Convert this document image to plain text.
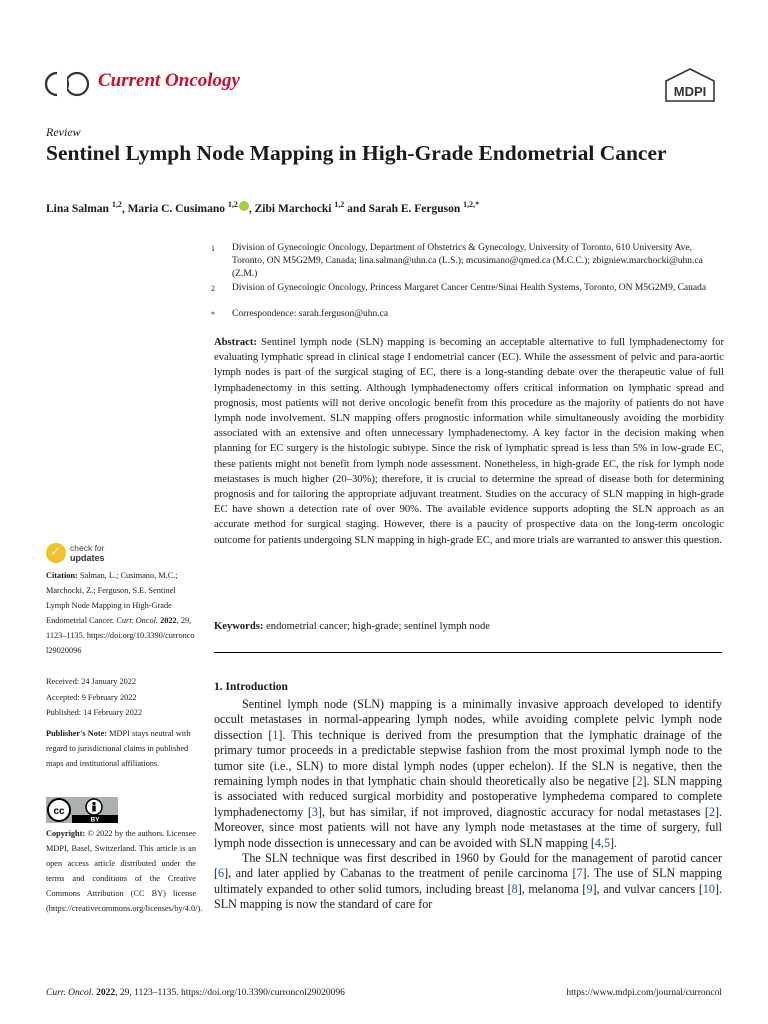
Current Oncology
MDPI
Review
Sentinel Lymph Node Mapping in High-Grade Endometrial Cancer
Lina Salman $^{1,2}$, Maria C. Cusimano $^{1,2}$ , Zibi Marchocki $^{1,2}$ and Sarah E. Ferguson $^{1,2,*}$
1 Division of Gynecologic Oncology, Department of Obstetrics & Gynecology, University of Toronto, 610 University Ave, Toronto, ON M5G2M9, Canada; lina.salman@uhn.ca (L.S.); mcusimano@qmed.ca (M.C.C.); zbigniew.marchocki@uhn.ca (Z.M.)
2 Division of Gynecologic Oncology, Princess Margaret Cancer Centre/Sinai Health Systems, Toronto, ON M5G2M9, Canada
* Correspondence: sarah.ferguson@uhn.ca
Abstract: Sentinel lymph node (SLN) mapping is becoming an acceptable alternative to full lymphadenectomy for evaluating lymphatic spread in clinical stage I endometrial cancer (EC). While the assessment of pelvic and para-aortic lymph nodes is part of the surgical staging of EC, there is a long-standing debate over the therapeutic value of full lymphadenectomy in this setting. Although lymphadenectomy offers critical information on lymphatic spread and prognosis, most patients will not derive oncologic benefit from this procedure as the majority of patients do not have lymph node involvement. SLN mapping offers prognostic information while simultaneously avoiding the morbidity associated with an extensive and often unnecessary lymphadenectomy. A key factor in the decision making when planning for EC surgery is the histologic subtype. Since the risk of lymphatic spread is less than 5% in low-grade EC, these patients might not benefit from lymph node assessment. Nonetheless, in high-grade EC, the risk for lymph node metastases is much higher (20–30%); therefore, it is crucial to determine the spread of disease both for determining prognosis and for tailoring the appropriate adjuvant treatment. Studies on the accuracy of SLN mapping in high-grade EC have shown a detection rate of over 90%. The available evidence supports adopting the SLN approach as an accurate method for surgical staging. However, there is a paucity of prospective data on the long-term oncologic outcome for patients undergoing SLN mapping in high-grade EC, and more trials are warranted to answer this question.
Keywords: endometrial cancer; high-grade; sentinel lymph node
1. Introduction

Sentinel lymph node (SLN) mapping is a minimally invasive approach developed to identify occult metastases in normal-appearing lymph nodes, while avoiding complete pelvic lymph node dissection [1]. This technique is derived from the presumption that the lymphatic drainage of the primary tumor proceeds in a predictable stepwise fashion from the most proximal lymph node to the tumor site (i.e., SLN) to more distal lymph nodes (upper echelon). If the SLN is negative, then the remaining lymph nodes in that lymphatic chain should theoretically also be negative [2]. SLN mapping is associated with reduced surgical morbidity and postoperative lymphedema compared to complete lymphadenectomy [3], but has similar, if not improved, diagnostic accuracy for nodal metastases [2]. Moreover, since most patients will not have any lymph node metastases at the time of surgery, full lymph node dissection is unnecessary and can be avoided with SLN mapping [4,5].

The SLN technique was first described in 1960 by Gould for the management of parotid cancer [6], and later applied by Cabanas to the treatment of penile carcinoma [7]. The use of SLN mapping ultimately expanded to other solid tumors, including breast [8], melanoma [9], and vulvar cancers [10]. SLN mapping is now the standard of care for

✓ check for
updates
Citation: Salman, L.; Cusimano, M.C.; Marchocki, Z.; Ferguson, S.E. Sentinel Lymph Node Mapping in High-Grade Endometrial Cancer. Curr. Oncol. 2022, 29, 1123–1135. https://doi.org/10.3390/curroncol29020096
Received: 24 January 2022
Accepted: 9 February 2022
Published: 14 February 2022
Publisher's Note: MDPI stays neutral with regard to jurisdictional claims in published maps and institutional affiliations.
cc
BY
Copyright: © 2022 by the authors. Licensee MDPI, Basel, Switzerland. This article is an open access article distributed under the terms and conditions of the Creative Commons Attribution (CC BY) license (https://creativecommons.org/licenses/by/4.0/).
Curr. Oncol. 2022, 29, 1123–1135. https://doi.org/10.3390/curroncol29020096	https://www.mdpi.com/journal/curroncol
